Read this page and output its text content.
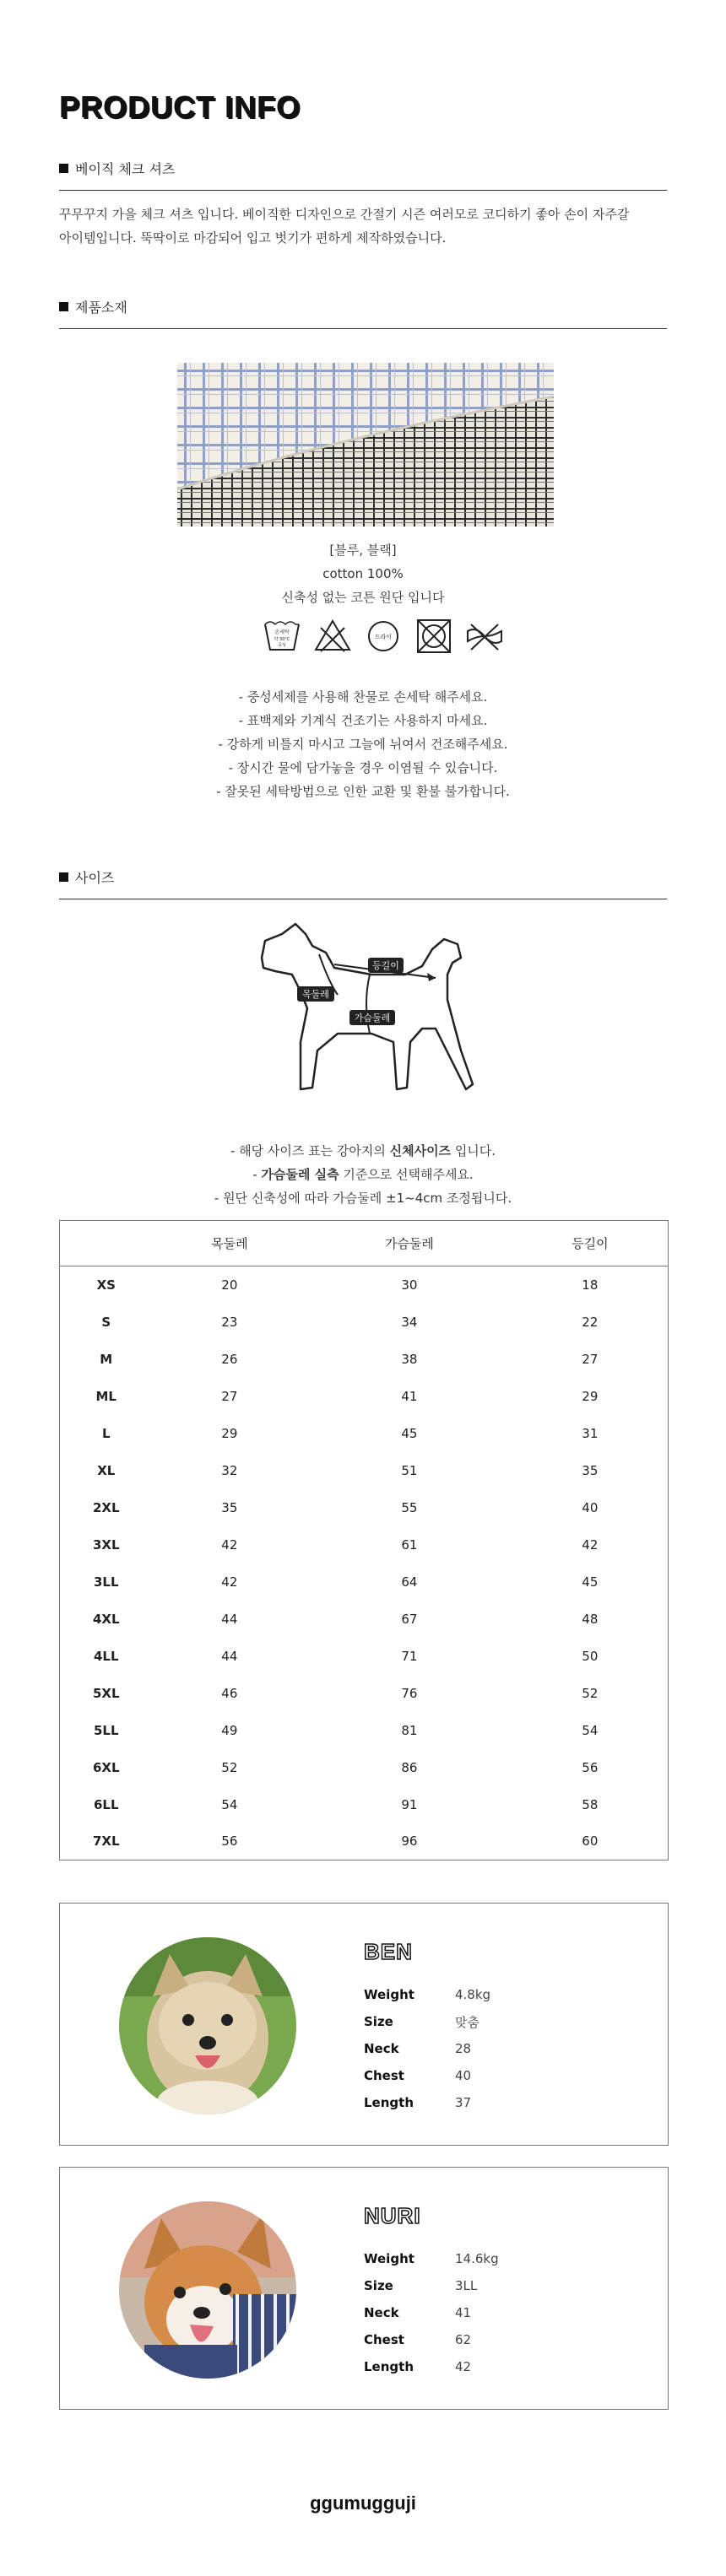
PRODUCT INFO
베이직 체크 셔츠
꾸무꾸지 가을 체크 셔츠 입니다. 베이직한 디자인으로 간절기 시즌 여러모로 코디하기 좋아 손이 자주갈
아이템입니다. 뚝딱이로 마감되어 입고 벗기가 편하게 제작하였습니다.
제품소재
[블루, 블랙]
cotton 100%
신축성 없는 코튼 원단 입니다
손세탁
약 30°C
중성
드라이
- 중성세제를 사용해 찬물로 손세탁 해주세요.
- 표백제와 기계식 건조기는 사용하지 마세요.
- 강하게 비틀지 마시고 그늘에 뉘여서 건조해주세요.
- 장시간 물에 담가놓을 경우 이염될 수 있습니다.
- 잘못된 세탁방법으로 인한 교환 및 환불 불가합니다.
사이즈
목둘레
등길이
가슴둘레
- 해당 사이즈 표는 강아지의 신체사이즈 입니다.
- 가슴둘레 실측 기준으로 선택해주세요.
- 원단 신축성에 따라 가슴둘레 ±1~4cm 조정됩니다.
	목둘레	가슴둘레	등길이
XS	20	30	18
S	23	34	22
M	26	38	27
ML	27	41	29
L	29	45	31
XL	32	51	35
2XL	35	55	40
3XL	42	61	42
3LL	42	64	45
4XL	44	67	48
4LL	44	71	50
5XL	46	76	52
5LL	49	81	54
6XL	52	86	56
6LL	54	91	58
7XL	56	96	60
BEN
Weight	4.8kg
Size	맞춤
Neck	28
Chest	40
Length	37
NURI
Weight	14.6kg
Size	3LL
Neck	41
Chest	62
Length	42
ggumugguji
